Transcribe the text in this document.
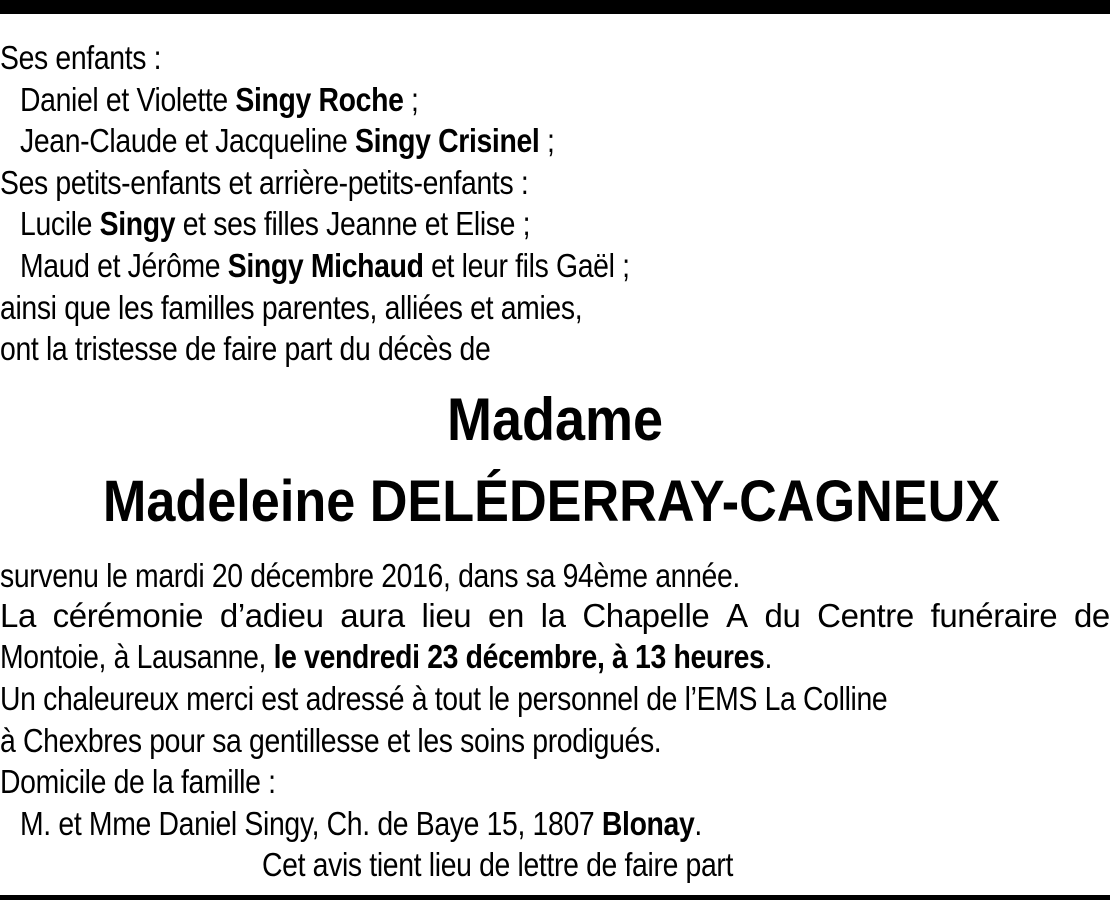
Ses enfants :
Daniel et Violette Singy Roche ;
Jean-Claude et Jacqueline Singy Crisinel ;
Ses petits-enfants et arrière-petits-enfants :
Lucile Singy et ses filles Jeanne et Elise ;
Maud et Jérôme Singy Michaud et leur fils Gaël ;
ainsi que les familles parentes, alliées et amies,
ont la tristesse de faire part du décès de
Madame
Madeleine DELÉDERRAY-CAGNEUX
survenu le mardi 20 décembre 2016, dans sa 94ème année.
La cérémonie d’adieu aura lieu en la Chapelle A du Centre funéraire de
Montoie, à Lausanne, le vendredi 23 décembre, à 13 heures.
Un chaleureux merci est adressé à tout le personnel de l’EMS La Colline
à Chexbres pour sa gentillesse et les soins prodigués.
Domicile de la famille :
M. et Mme Daniel Singy, Ch. de Baye 15, 1807 Blonay.
Cet avis tient lieu de lettre de faire part
